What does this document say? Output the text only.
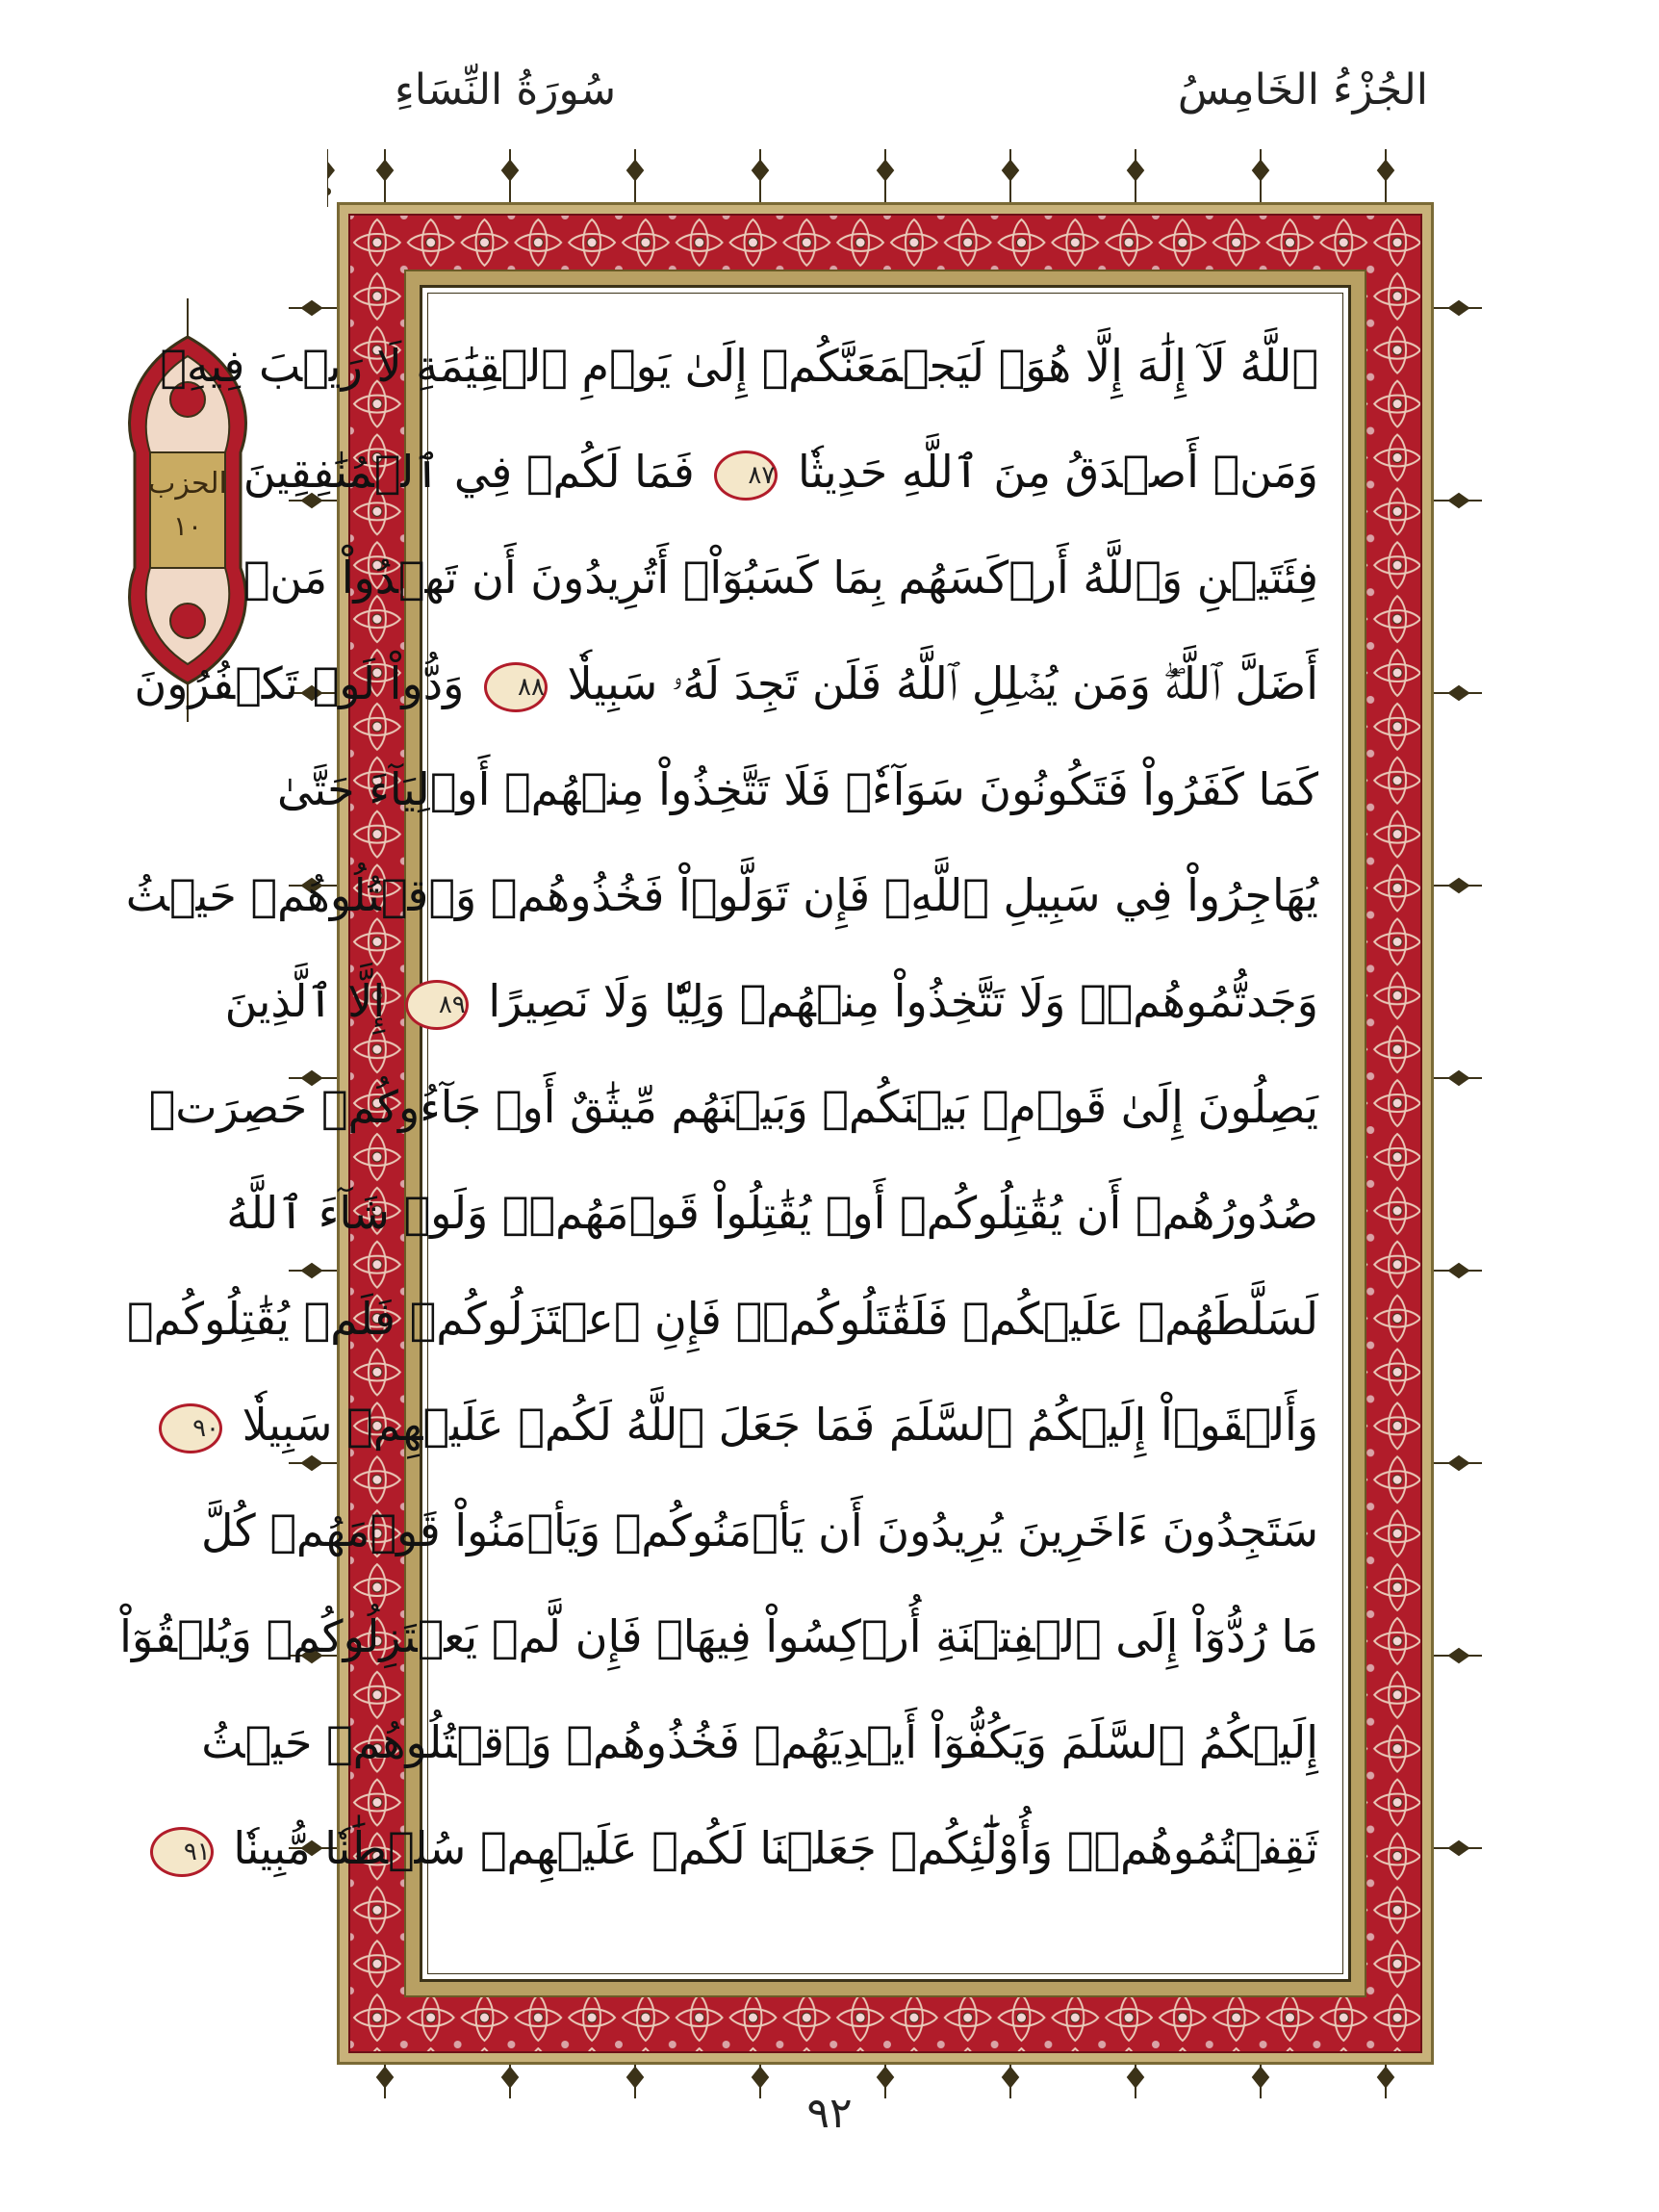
الجُزْءُ الخَامِسُ
سُورَةُ النِّسَاءِ
الحزب
١٠
ٱللَّهُ لَآ إِلَٰهَ إِلَّا هُوَۚ لَيَجۡمَعَنَّكُمۡ إِلَىٰ يَوۡمِ ٱلۡقِيَٰمَةِ لَا رَيۡبَ فِيهِۗ
وَمَنۡ أَصۡدَقُ مِنَ ٱللَّهِ حَدِيثٗا ٨٧ فَمَا لَكُمۡ فِي ٱلۡمُنَٰفِقِينَ
فِئَتَيۡنِ وَٱللَّهُ أَرۡكَسَهُم بِمَا كَسَبُوٓاْۚ أَتُرِيدُونَ أَن تَهۡدُواْ مَنۡ
أَضَلَّ ٱللَّهُۖ وَمَن يُضۡلِلِ ٱللَّهُ فَلَن تَجِدَ لَهُۥ سَبِيلٗا ٨٨ وَدُّواْ لَوۡ تَكۡفُرُونَ
كَمَا كَفَرُواْ فَتَكُونُونَ سَوَآءٗۖ فَلَا تَتَّخِذُواْ مِنۡهُمۡ أَوۡلِيَآءَ حَتَّىٰ
يُهَاجِرُواْ فِي سَبِيلِ ٱللَّهِۚ فَإِن تَوَلَّوۡاْ فَخُذُوهُمۡ وَٱقۡتُلُوهُمۡ حَيۡثُ
وَجَدتُّمُوهُمۡۖ وَلَا تَتَّخِذُواْ مِنۡهُمۡ وَلِيّٗا وَلَا نَصِيرًا ٨٩ إِلَّا ٱلَّذِينَ
يَصِلُونَ إِلَىٰ قَوۡمِۭ بَيۡنَكُمۡ وَبَيۡنَهُم مِّيثَٰقٌ أَوۡ جَآءُوكُمۡ حَصِرَتۡ
صُدُورُهُمۡ أَن يُقَٰتِلُوكُمۡ أَوۡ يُقَٰتِلُواْ قَوۡمَهُمۡۚ وَلَوۡ شَآءَ ٱللَّهُ
لَسَلَّطَهُمۡ عَلَيۡكُمۡ فَلَقَٰتَلُوكُمۡۚ فَإِنِ ٱعۡتَزَلُوكُمۡ فَلَمۡ يُقَٰتِلُوكُمۡ
وَأَلۡقَوۡاْ إِلَيۡكُمُ ٱلسَّلَمَ فَمَا جَعَلَ ٱللَّهُ لَكُمۡ عَلَيۡهِمۡ سَبِيلٗا ٩٠
سَتَجِدُونَ ءَاخَرِينَ يُرِيدُونَ أَن يَأۡمَنُوكُمۡ وَيَأۡمَنُواْ قَوۡمَهُمۡ كُلَّ
مَا رُدُّوٓاْ إِلَى ٱلۡفِتۡنَةِ أُرۡكِسُواْ فِيهَاۚ فَإِن لَّمۡ يَعۡتَزِلُوكُمۡ وَيُلۡقُوٓاْ
إِلَيۡكُمُ ٱلسَّلَمَ وَيَكُفُّوٓاْ أَيۡدِيَهُمۡ فَخُذُوهُمۡ وَٱقۡتُلُوهُمۡ حَيۡثُ
ثَقِفۡتُمُوهُمۡۚ وَأُوْلَٰٓئِكُمۡ جَعَلۡنَا لَكُمۡ عَلَيۡهِمۡ سُلۡطَٰنٗا مُّبِينٗا ٩١
٩٢
